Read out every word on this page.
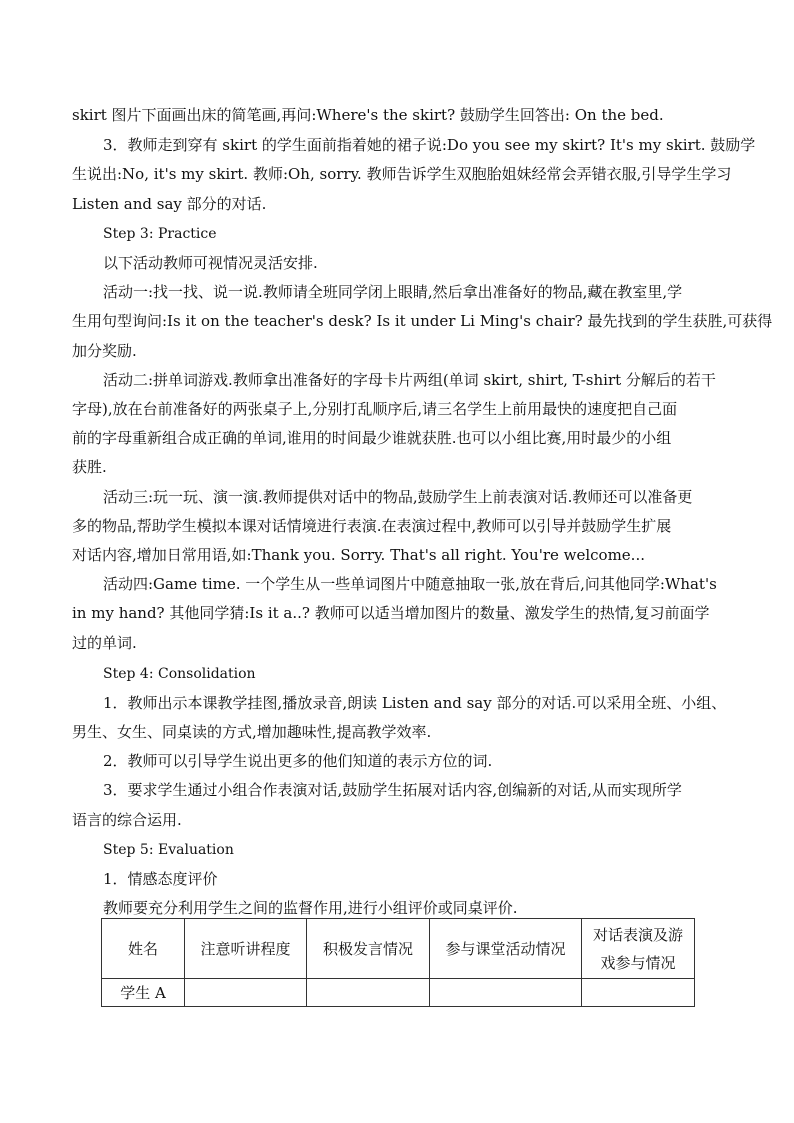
skirt 图片下面画出床的简笔画,再问:Where's the skirt? 鼓励学生回答出: On the bed.
3．教师走到穿有 skirt 的学生面前指着她的裙子说:Do you see my skirt? It's my skirt. 鼓励学
生说出:No, it's my skirt. 教师:Oh, sorry. 教师告诉学生双胞胎姐妹经常会弄错衣服,引导学生学习
Listen and say 部分的对话.
Step 3: Practice
以下活动教师可视情况灵活安排.
活动一:找一找、说一说.教师请全班同学闭上眼睛,然后拿出准备好的物品,藏在教室里,学
生用句型询问:Is it on the teacher's desk? Is it under Li Ming's chair? 最先找到的学生获胜,可获得
加分奖励.
活动二:拼单词游戏.教师拿出准备好的字母卡片两组(单词 skirt, shirt, T-shirt 分解后的若干
字母),放在台前准备好的两张桌子上,分别打乱顺序后,请三名学生上前用最快的速度把自己面
前的字母重新组合成正确的单词,谁用的时间最少谁就获胜.也可以小组比赛,用时最少的小组
获胜.
活动三:玩一玩、演一演.教师提供对话中的物品,鼓励学生上前表演对话.教师还可以准备更
多的物品,帮助学生模拟本课对话情境进行表演.在表演过程中,教师可以引导并鼓励学生扩展
对话内容,增加日常用语,如:Thank you. Sorry. That's all right. You're welcome...
活动四:Game time. 一个学生从一些单词图片中随意抽取一张,放在背后,问其他同学:What's
in my hand? 其他同学猜:Is it a..? 教师可以适当增加图片的数量、激发学生的热情,复习前面学
过的单词.
Step 4: Consolidation
1．教师出示本课教学挂图,播放录音,朗读 Listen and say 部分的对话.可以采用全班、小组、
男生、女生、同桌读的方式,增加趣味性,提高教学效率.
2．教师可以引导学生说出更多的他们知道的表示方位的词.
3．要求学生通过小组合作表演对话,鼓励学生拓展对话内容,创编新的对话,从而实现所学
语言的综合运用.
Step 5: Evaluation
1．情感态度评价
教师要充分利用学生之间的监督作用,进行小组评价或同桌评价.
姓名	注意听讲程度	积极发言情况	参与课堂活动情况	对话表演及游戏参与情况
学生 A				
